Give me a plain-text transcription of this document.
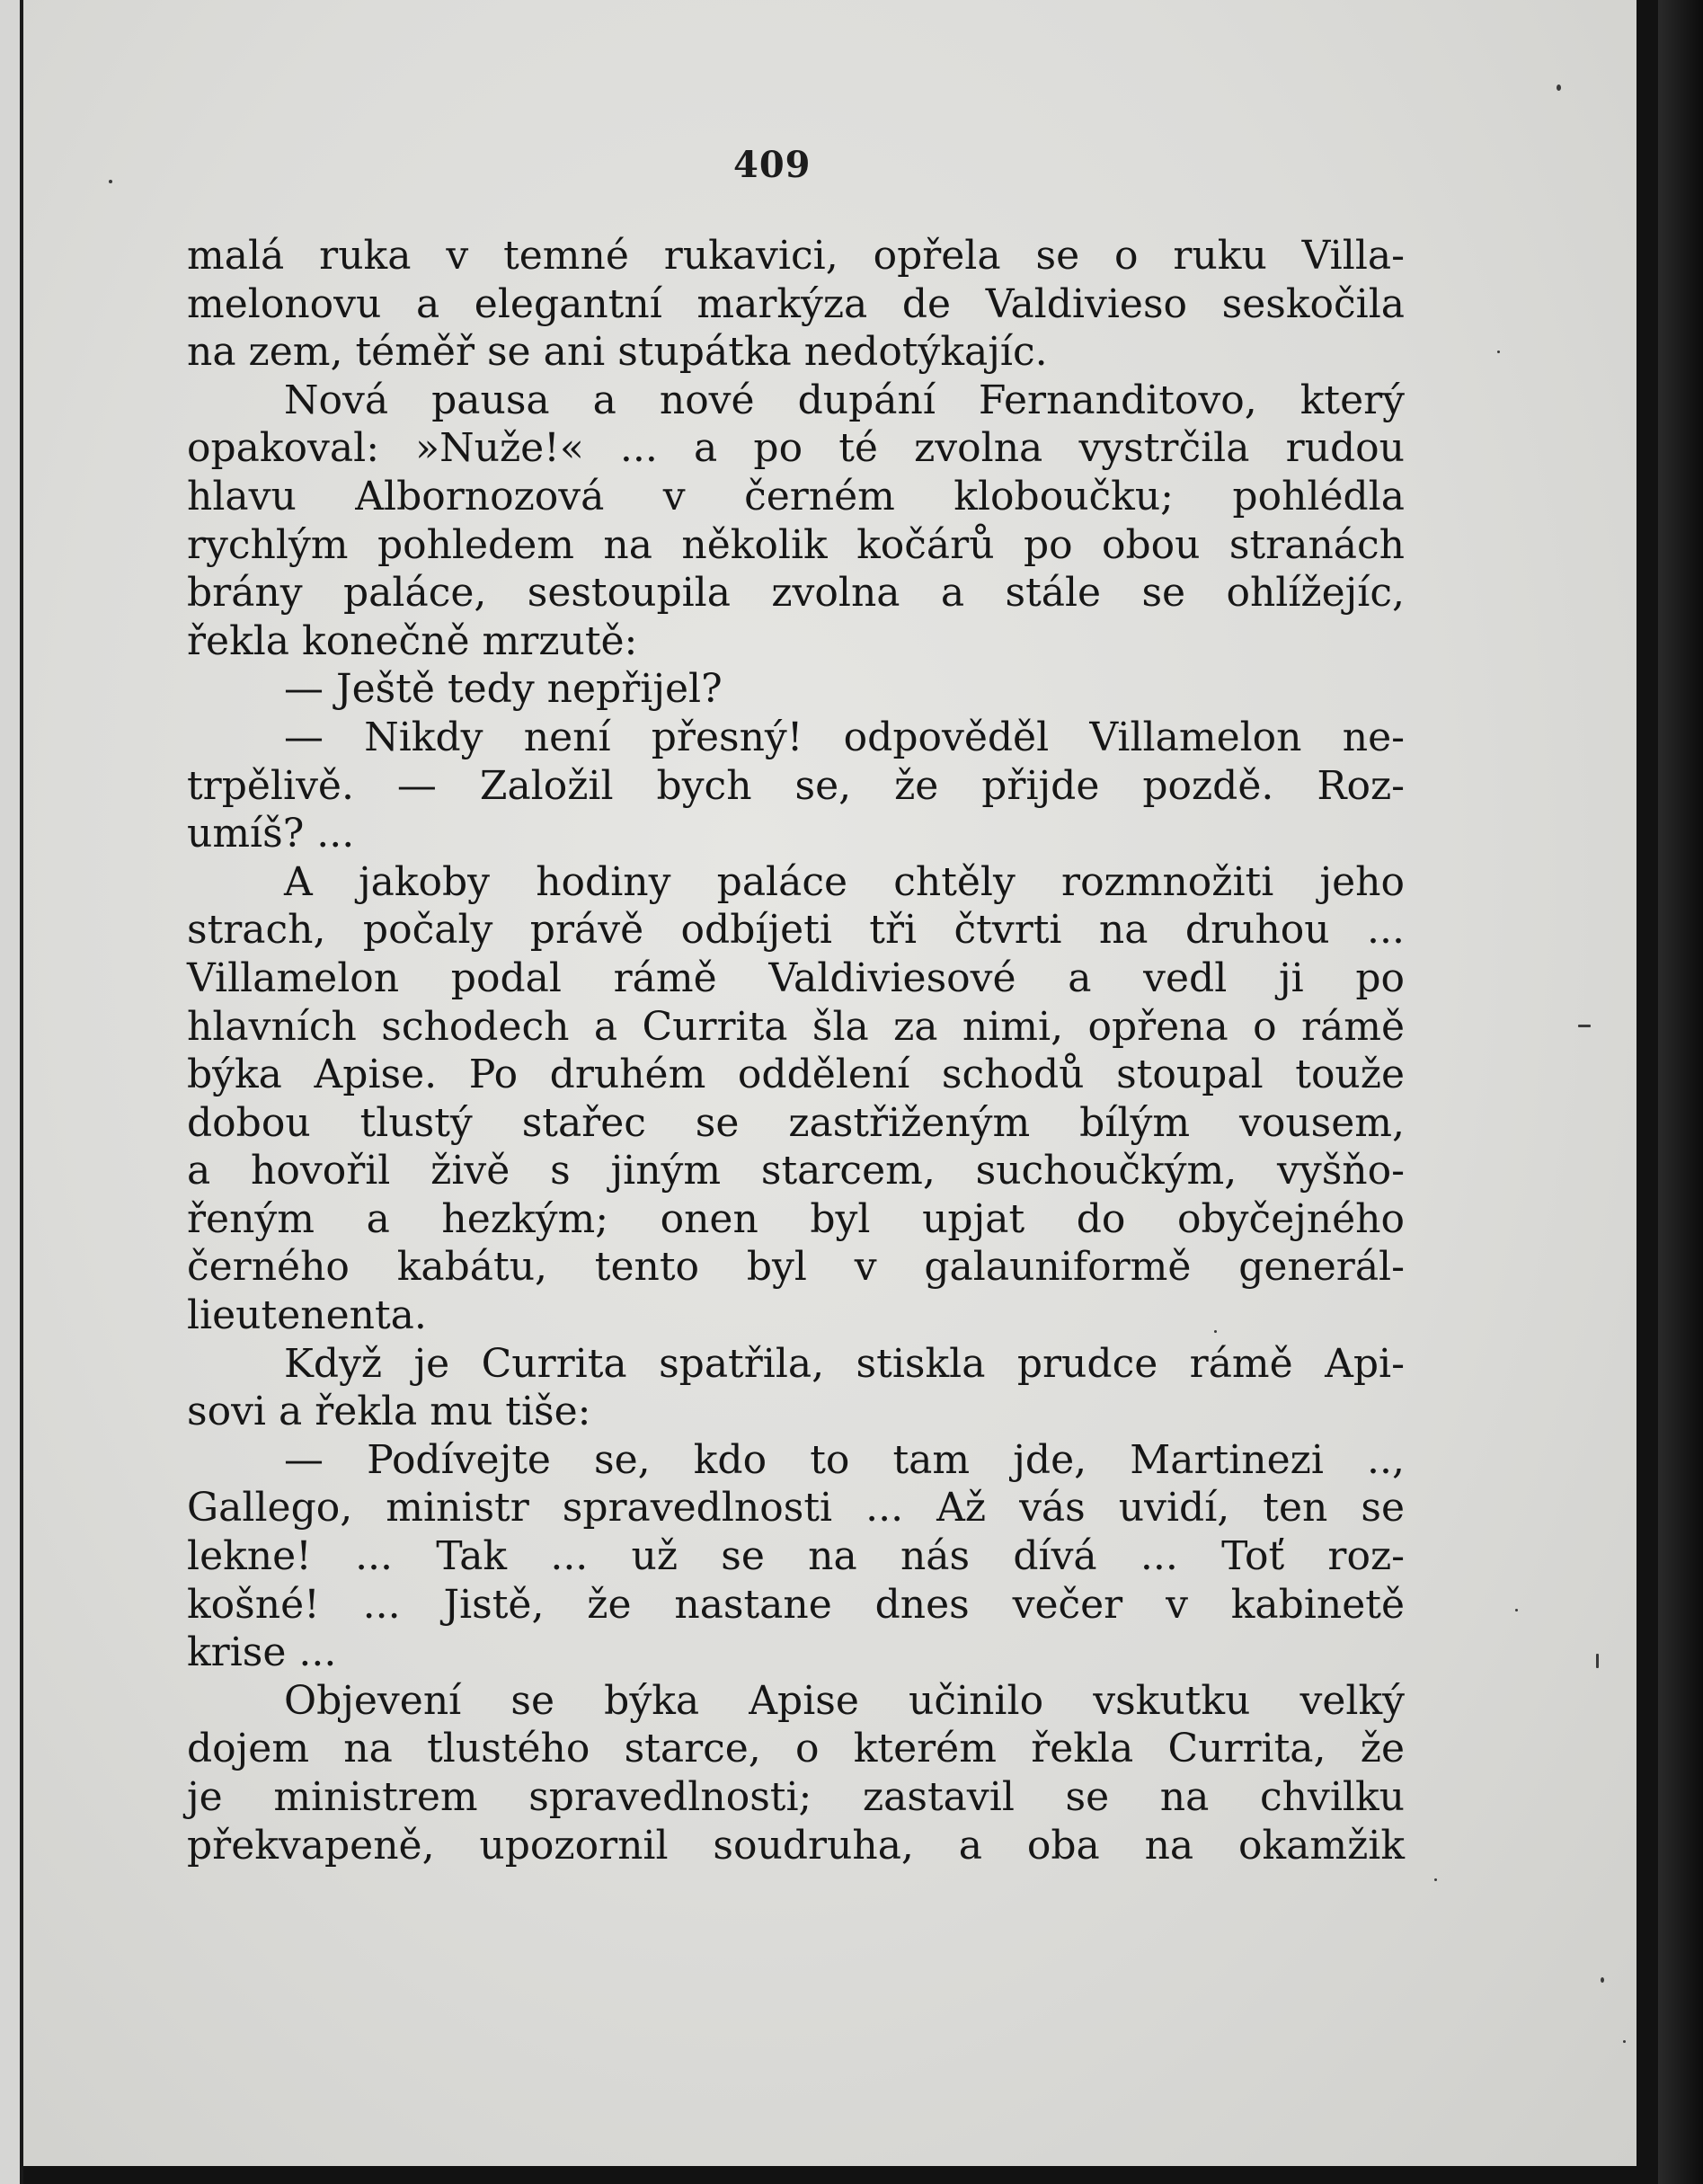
409
malá ruka v temné rukavici, opřela se o ruku Villa-
melonovu a elegantní markýza de Valdivieso seskočila
na zem, téměř se ani stupátka nedotýkajíc.
Nová pausa a nové dupání Fernanditovo, který
opakoval: »Nuže!« ... a po té zvolna vystrčila rudou
hlavu Albornozová v černém kloboučku; pohlédla
rychlým pohledem na několik kočárů po obou stranách
brány paláce, sestoupila zvolna a stále se ohlížejíc,
řekla konečně mrzutě:
— Ještě tedy nepřijel?
— Nikdy není přesný! odpověděl Villamelon ne-
trpělivě. — Založil bych se, že přijde pozdě. Roz-
umíš? ...
A jakoby hodiny paláce chtěly rozmnožiti jeho
strach, počaly právě odbíjeti tři čtvrti na druhou ...
Villamelon podal rámě Valdiviesové a vedl ji po
hlavních schodech a Currita šla za nimi, opřena o rámě
býka Apise. Po druhém oddělení schodů stoupal touže
dobou tlustý stařec se zastřiženým bílým vousem,
a hovořil živě s jiným starcem, suchoučkým, vyšňo-
řeným a hezkým; onen byl upjat do obyčejného
černého kabátu, tento byl v galauniformě generál-
lieutenenta.
Když je Currita spatřila, stiskla prudce rámě Api-
sovi a řekla mu tiše:
— Podívejte se, kdo to tam jde, Martinezi ..,
Gallego, ministr spravedlnosti ... Až vás uvidí, ten se
lekne! ... Tak ... už se na nás dívá ... Toť roz-
košné! ... Jistě, že nastane dnes večer v kabinetě
krise ...
Objevení se býka Apise učinilo vskutku velký
dojem na tlustého starce, o kterém řekla Currita, že
je ministrem spravedlnosti; zastavil se na chvilku
překvapeně, upozornil soudruha, a oba na okamžik
